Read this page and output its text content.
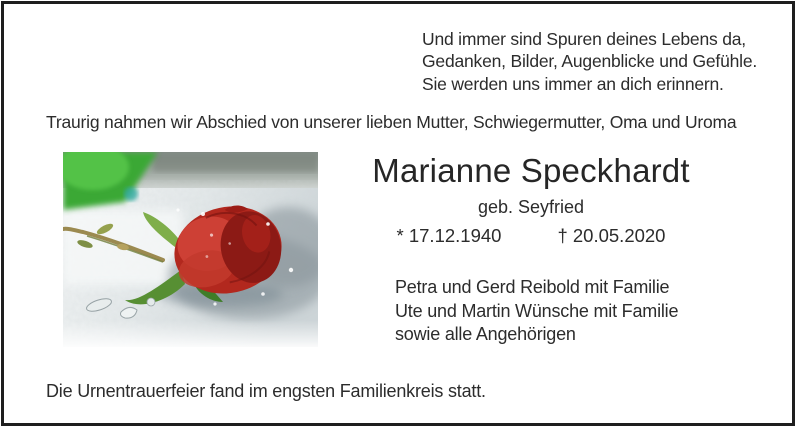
Und immer sind Spuren deines Lebens da,
Gedanken, Bilder, Augenblicke und Gefühle.
Sie werden uns immer an dich erinnern.
Traurig nahmen wir Abschied von unserer lieben Mutter, Schwiegermutter, Oma und Uroma
Marianne Speckhardt
geb. Seyfried
* 17.12.1940	† 20.05.2020
Petra und Gerd Reibold mit Familie
Ute und Martin Wünsche mit Familie
sowie alle Angehörigen
Die Urnentrauerfeier fand im engsten Familienkreis statt.
